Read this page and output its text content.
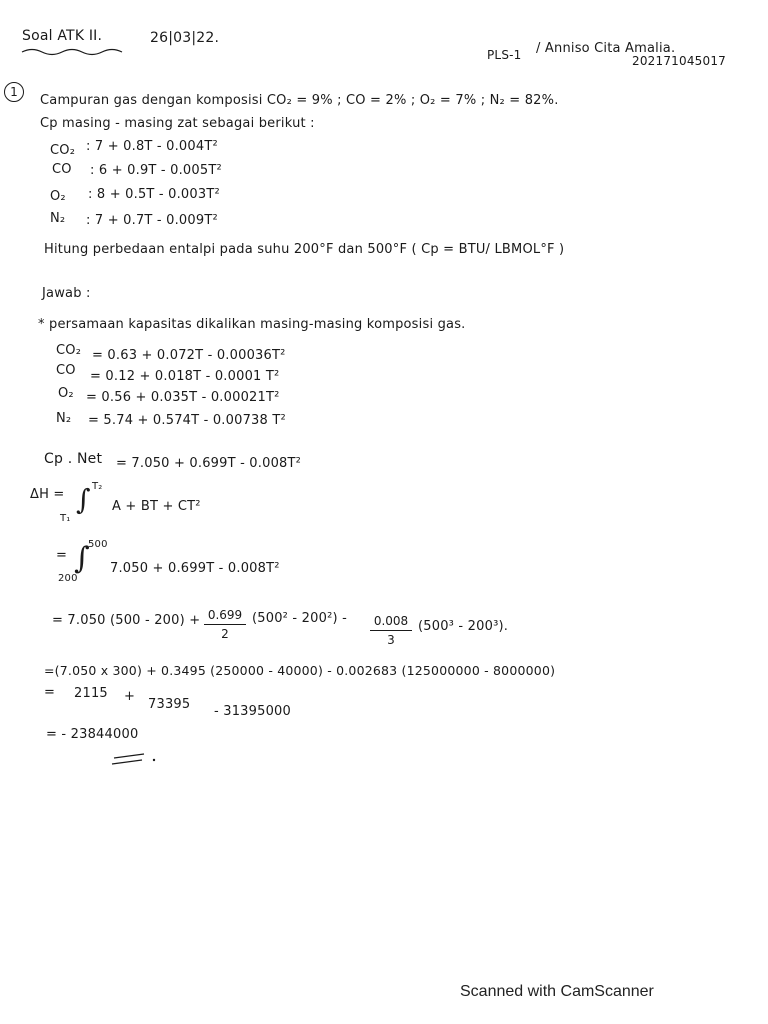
Soal ATK II.	26|03|22.
PLS-1 / Anniso Cita Amalia.
202171045017
1
Campuran gas dengan komposisi CO₂ = 9% ; CO = 2% ; O₂ = 7% ; N₂ = 82%.
Cp masing - masing zat sebagai berikut :
CO₂ : 7 + 0.8T - 0.004T²
CO : 6 + 0.9T - 0.005T²
O₂ : 8 + 0.5T - 0.003T²
N₂ : 7 + 0.7T - 0.009T²
Hitung perbedaan entalpi pada suhu 200°F dan 500°F ( Cp = BTU/ LBMOL°F )
Jawab :
* persamaan kapasitas dikalikan masing-masing komposisi gas.
CO₂ = 0.63 + 0.072T - 0.00036T²
CO = 0.12 + 0.018T - 0.0001 T²
O₂ = 0.56 + 0.035T - 0.00021T²
N₂ = 5.74 + 0.574T - 0.00738 T²
Cp . Net = 7.050 + 0.699T - 0.008T²
ΔH =
T₂
∫
T₁
A + BT + CT²
=
500
∫
200
7.050 + 0.699T - 0.008T²
= 7.050 (500 - 200) + 0.699
2
(500² - 200²) -	0.008
3
(500³ - 200³).
=(7.050 x 300) + 0.3495 (250000 - 40000) - 0.002683 (125000000 - 8000000)
= 2115 +
73395 - 31395000
= - 23844000
Scanned with CamScanner
